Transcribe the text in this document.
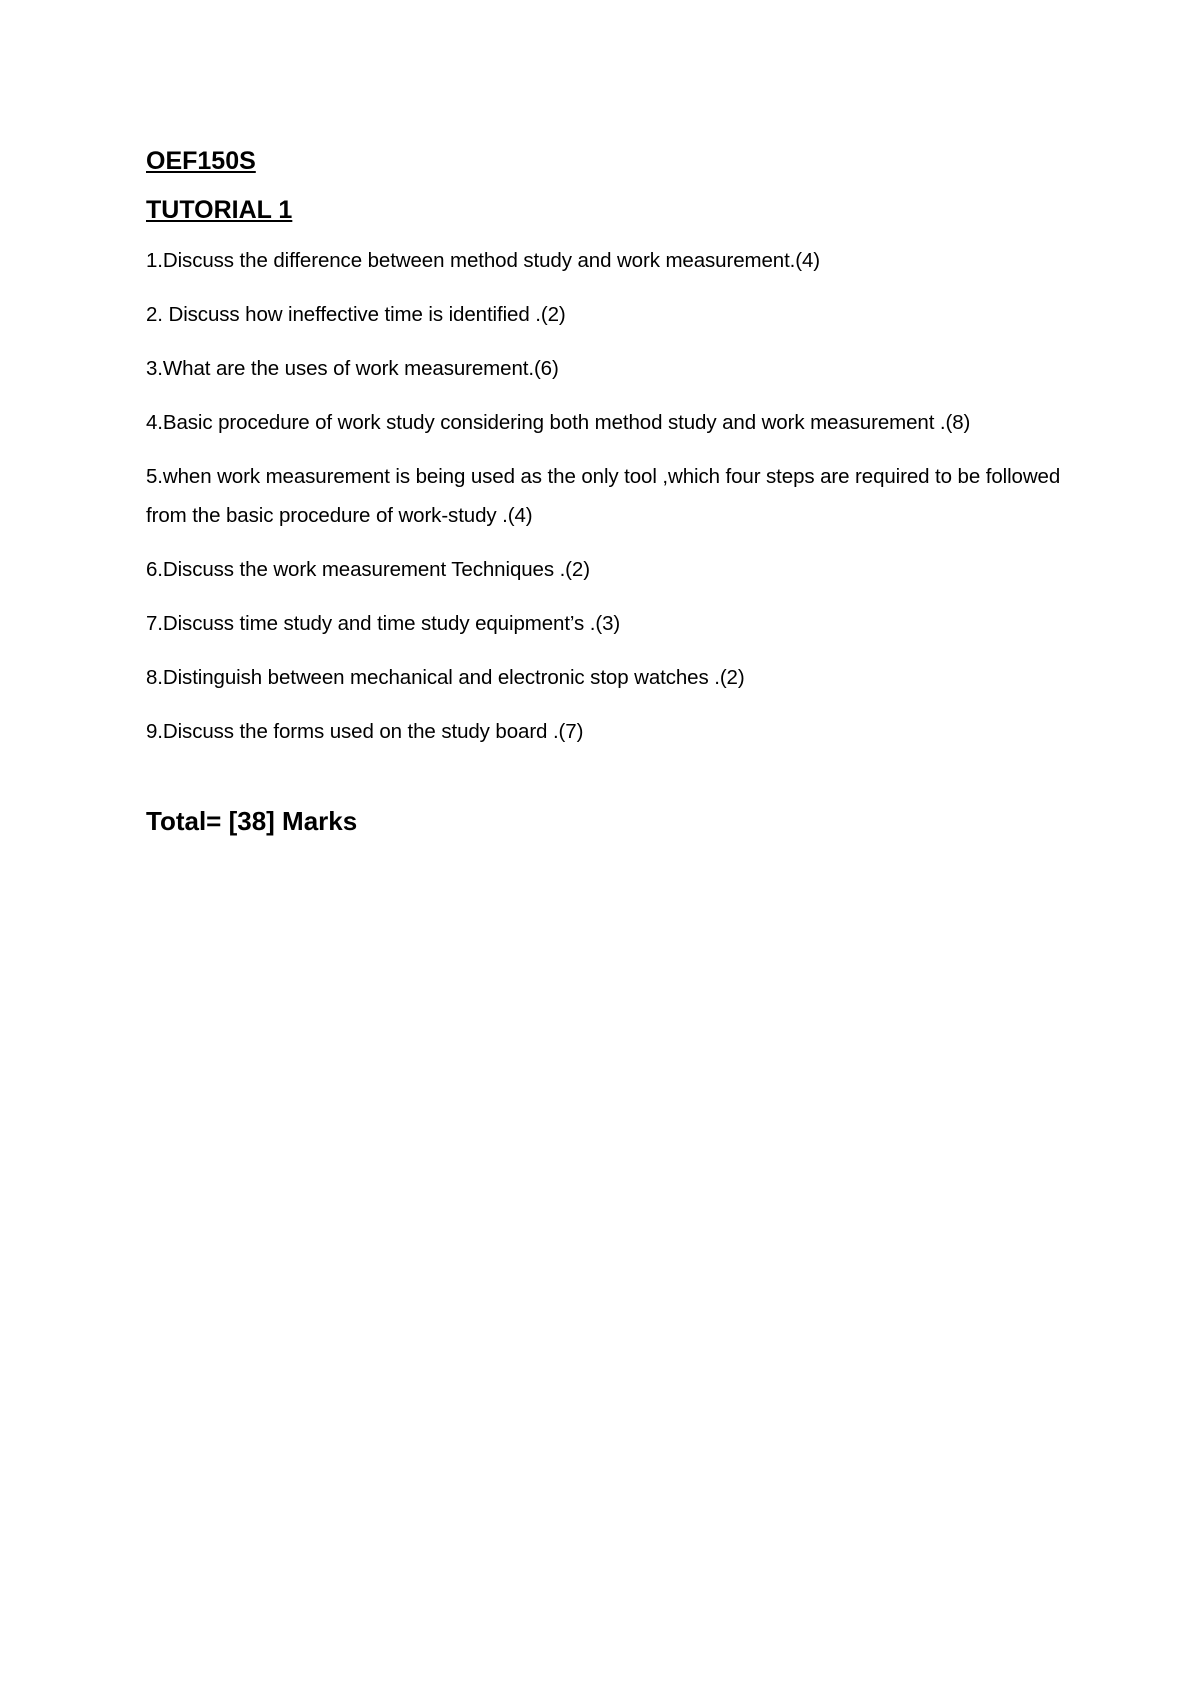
OEF150S
TUTORIAL 1
1.Discuss the difference between method study and work measurement.(4)
2. Discuss how ineffective time is identified .(2)
3.What are the uses of work measurement.(6)
4.Basic procedure of work study considering both method study and work measurement .(8)
5.when work measurement is being used as the only tool ,which four steps are required to be followed from the basic procedure of work-study .(4)
6.Discuss the work measurement Techniques .(2)
7.Discuss time study and time study equipment’s .(3)
8.Distinguish between mechanical and electronic stop watches .(2)
9.Discuss the forms used on the study board .(7)
Total= [38] Marks
